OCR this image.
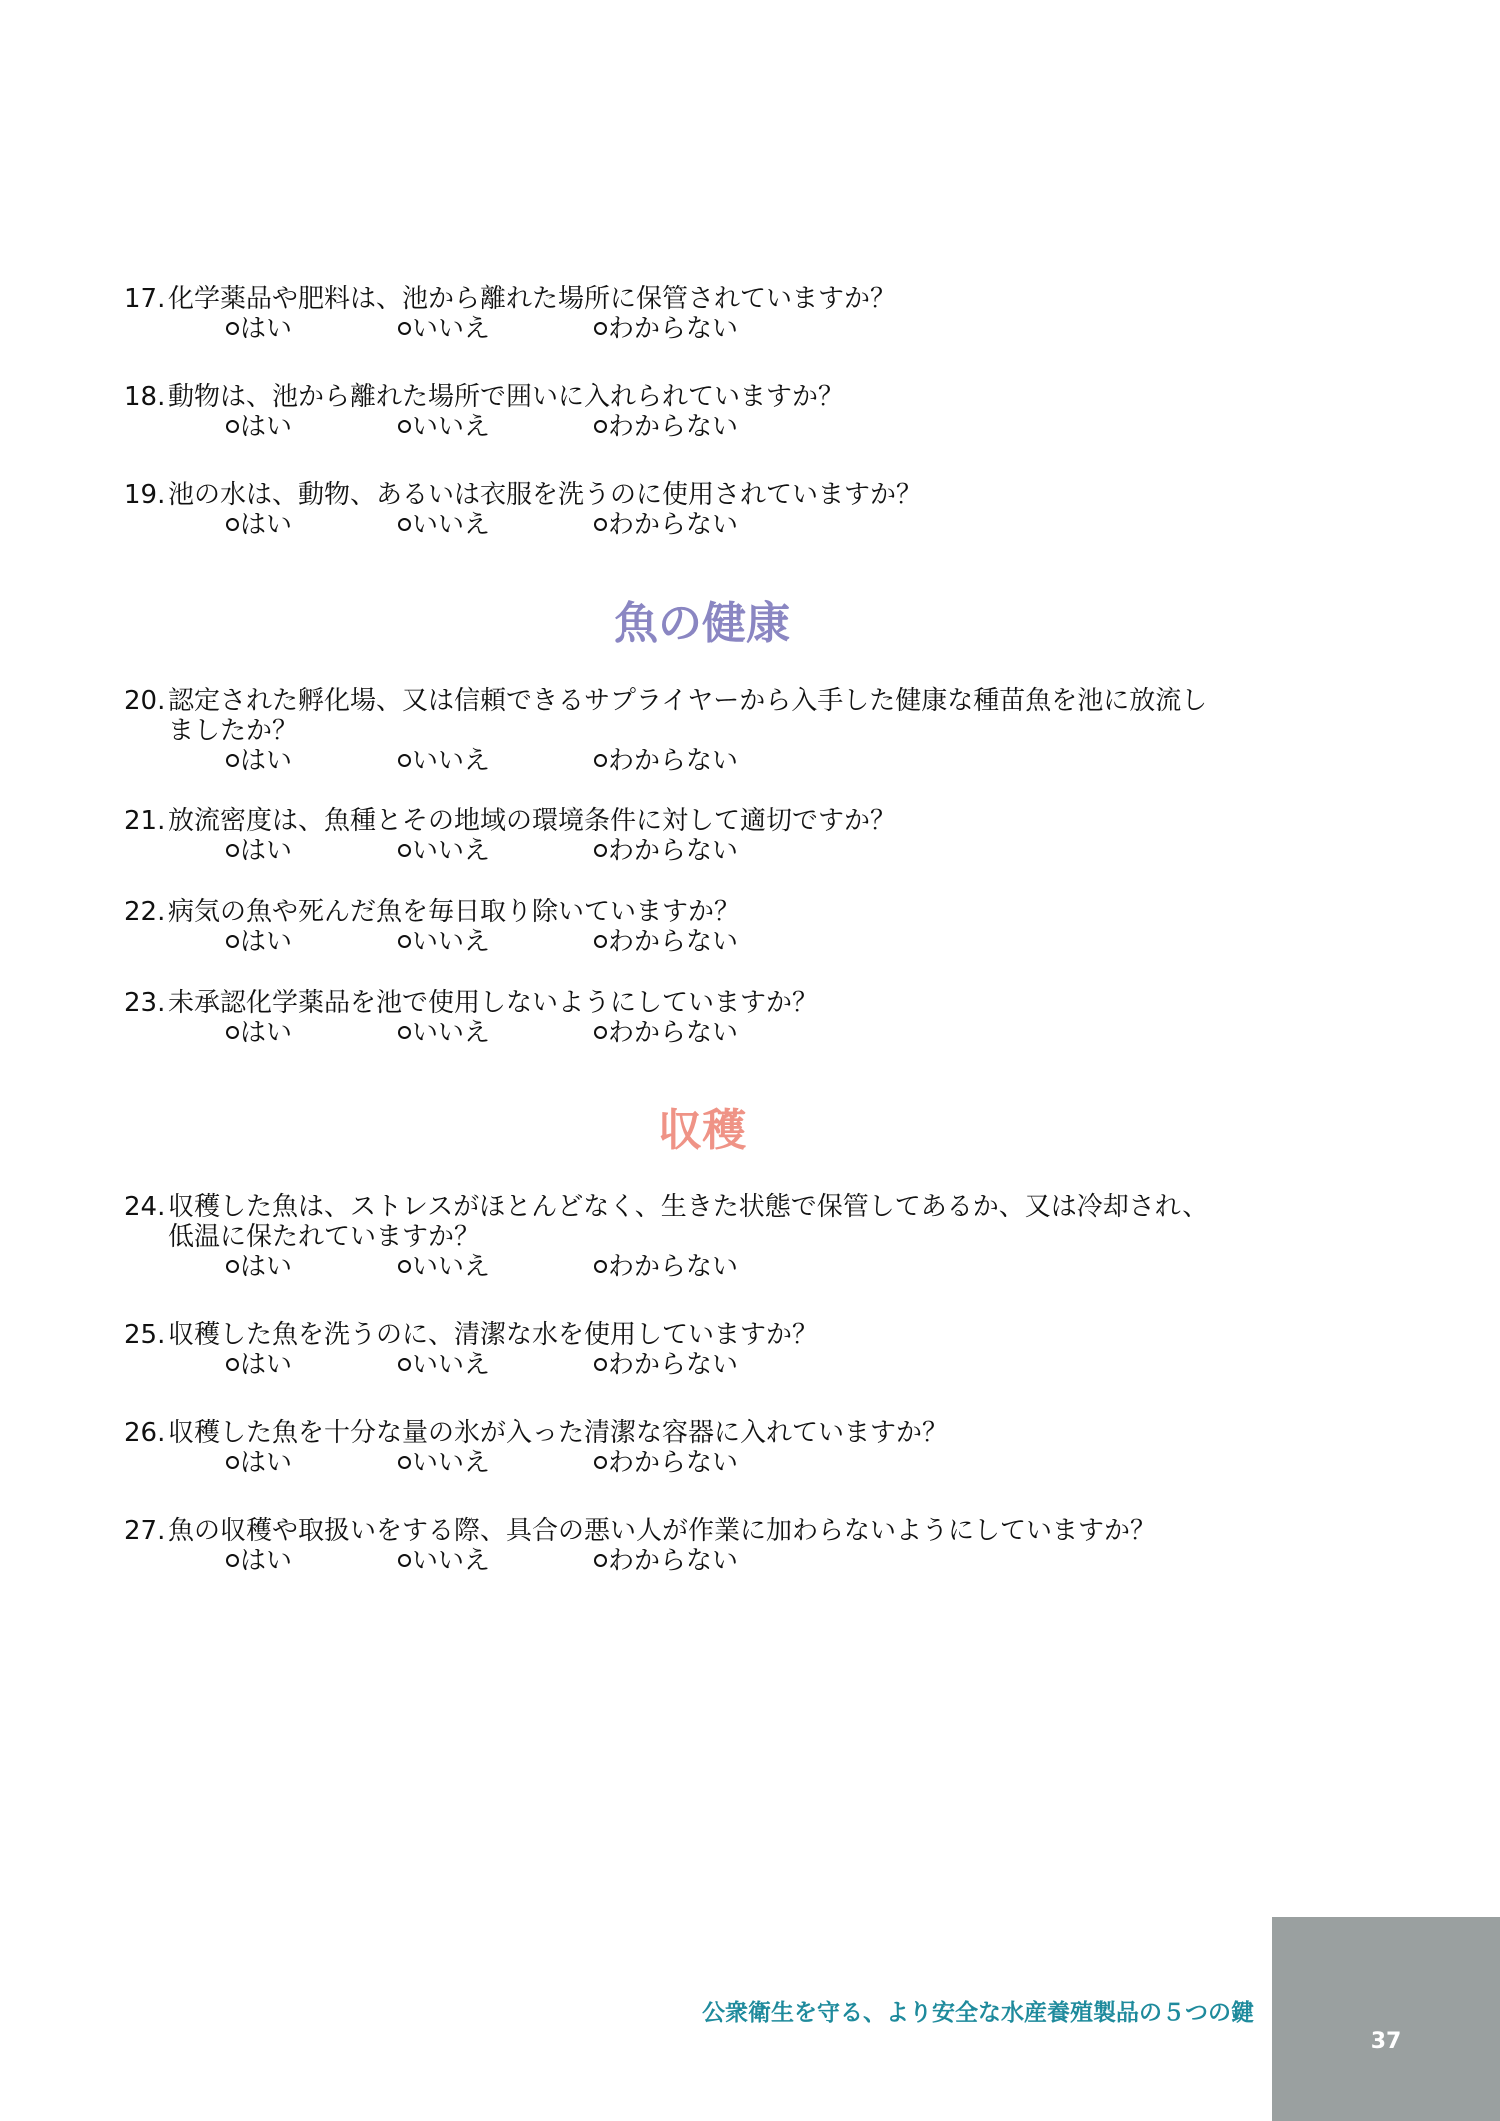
17. 化学薬品や肥料は、池から離れた場所に保管されていますか？
はい	いいえ	わからない
18. 動物は、池から離れた場所で囲いに入れられていますか？
はい	いいえ	わからない
19. 池の水は、動物、あるいは衣服を洗うのに使用されていますか？
はい	いいえ	わからない
魚の健康
20. 認定された孵化場、又は信頼できるサプライヤーから入手した健康な種苗魚を池に放流し
ましたか？
はい	いいえ	わからない
21. 放流密度は、魚種とその地域の環境条件に対して適切ですか？
はい	いいえ	わからない
22. 病気の魚や死んだ魚を毎日取り除いていますか？
はい	いいえ	わからない
23. 未承認化学薬品を池で使用しないようにしていますか？
はい	いいえ	わからない
収穫
24. 収穫した魚は、ストレスがほとんどなく、生きた状態で保管してあるか、又は冷却され、
低温に保たれていますか？
はい	いいえ	わからない
25. 収穫した魚を洗うのに、清潔な水を使用していますか？
はい	いいえ	わからない
26. 収穫した魚を十分な量の氷が入った清潔な容器に入れていますか？
はい	いいえ	わからない
27. 魚の収穫や取扱いをする際、具合の悪い人が作業に加わらないようにしていますか？
はい	いいえ	わからない
公衆衛生を守る、より安全な水産養殖製品の５つの鍵
37
